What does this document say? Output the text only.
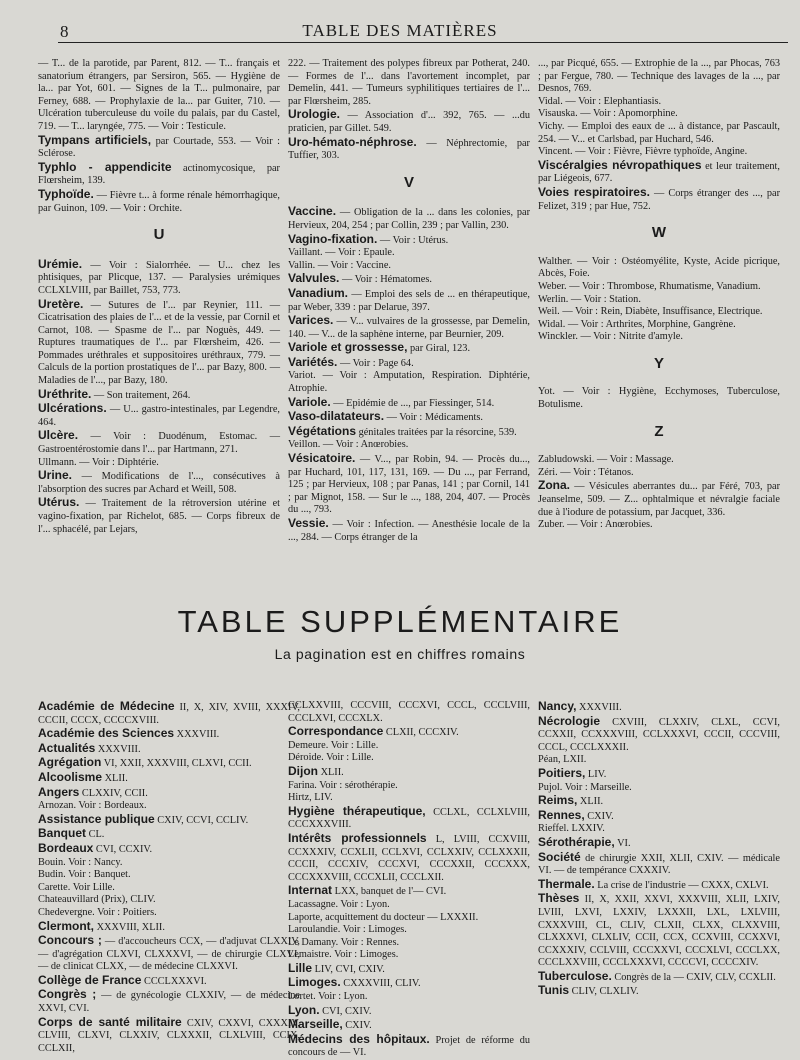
8	TABLE DES MATIÈRES

— T... de la parotide, par Parent, 812. — T... français et sanatorium étrangers, par Sersiron, 565. — Hygiène de la... par Yot, 601. — Signes de la T... pulmonaire, par Ferney, 688. — Prophylaxie de la... par Guiter, 710. — Ulcération tuberculeuse du voile du palais, par du Castel, 719. — T... laryngée, 775. — Voir : Testicule.

Tympans artificiels, par Courtade, 553. — Voir : Sclérose.

Typhlo - appendicite actinomycosique, par Flœrsheim, 139.

Typhoïde. — Fièvre t... à forme rénale hémorrhagique, par Guinon, 109. — Voir : Orchite.

U

Urémie. — Voir : Sialorrhée. — U... chez les phtisiques, par Plicque, 137. — Paralysies urémiques CCLXLVIII, par Baillet, 753, 773.

Uretère. — Sutures de l'... par Reynier, 111. — Cicatrisation des plaies de l'... et de la vessie, par Cornil et Carnot, 108. — Spasme de l'... par Noguès, 449. — Ruptures traumatiques de l'... par Flœrsheim, 426. — Pommades uréthrales et suppositoires uréthraux, 779. — Calculs de la portion prostatiques de l'... par Bazy, 800. — Maladies de l'..., par Bazy, 180.

Uréthrite. — Son traitement, 264.

Ulcérations. — U... gastro-intestinales, par Legendre, 464.

Ulcère. — Voir : Duodénum, Estomac. — Gastroentérostomie dans l'... par Hartmann, 271.

Ullmann. — Voir : Diphtérie.

Urine. — Modifications de l'..., consécutives à l'absorption des sucres par Achard et Weill, 508.

Utérus. — Traitement de la rétroversion utérine et vagino-fixation, par Richelot, 685. — Corps fibreux de l'... sphacélé, par Lejars,

222. — Traitement des polypes fibreux par Potherat, 240. — Formes de l'... dans l'avortement incomplet, par Demelin, 441. — Tumeurs syphilitiques tertiaires de l'... par Flœrsheim, 285.

Urologie. — Association d'... 392, 765. — ...du praticien, par Gillet. 549.

Uro-hémato-néphrose. — Néphrectomie, par Tuffier, 303.

V

Vaccine. — Obligation de la ... dans les colonies, par Hervieux, 204, 254 ; par Collin, 239 ; par Vallin, 230.

Vagino-fixation. — Voir : Utérus.

Vaillant. — Voir : Epaule.

Vallin. — Voir : Vaccine.

Valvules. — Voir : Hématomes.

Vanadium. — Emploi des sels de ... en thérapeutique, par Weber, 339 : par Delarue, 397.

Varices. — V... vulvaires de la grossesse, par Demelin, 140. — V... de la saphène interne, par Beurnier, 209.

Variole et grossesse, par Giral, 123.

Variétés. — Voir : Page 64.

Variot. — Voir : Amputation, Respiration. Diphtérie, Atrophie.

Variole. — Epidémie de ..., par Fiessinger, 514.

Vaso-dilatateurs. — Voir : Médicaments.

Végétations génitales traitées par la résorcine, 539.

Veillon. — Voir : Anœrobies.

Vésicatoire. — V..., par Robin, 94. — Procès du..., par Huchard, 101, 117, 131, 169. — Du ..., par Ferrand, 125 ; par Hervieux, 108 ; par Panas, 141 ; par Cornil, 141 ; par Mignot, 158. — Sur le ..., 188, 204, 407. — Procès du ..., 793.

Vessie. — Voir : Infection. — Anesthésie locale de la ..., 284. — Corps étranger de la

..., par Picqué, 655. — Extrophie de la ..., par Phocas, 763 ; par Fergue, 780. — Technique des lavages de la ..., par Desnos, 769.

Vidal. — Voir : Elephantiasis.

Visauska. — Voir : Apomorphine.

Vichy. — Emploi des eaux de ... à distance, par Pascault, 254. — V... et Carlsbad, par Huchard, 546.

Vincent. — Voir : Fièvre, Fièvre typhoïde, Angine.

Viscéralgies névropathiques et leur traitement, par Liégeois, 677.

Voies respiratoires. — Corps étranger des ..., par Felizet, 319 ; par Hue, 752.

W

Walther. — Voir : Ostéomyélite, Kyste, Acide picrique, Abcès, Foie.

Weber. — Voir : Thrombose, Rhumatisme, Vanadium.

Werlin. — Voir : Station.

Weil. — Voir : Rein, Diabète, Insuffisance, Electrique.

Widal. — Voir : Arthrites, Morphine, Gangrène.

Winckler. — Voir : Nitrite d'amyle.

Y

Yot. — Voir : Hygiène, Ecchymoses, Tuberculose, Botulisme.

Z

Zabludowski. — Voir : Massage.

Zéri. — Voir : Tétanos.

Zona. — Vésicules aberrantes du... par Féré, 703, par Jeanselme, 509. — Z... ophtalmique et névralgie faciale due à l'iodure de potassium, par Jacquet, 336.

Zuber. — Voir : Anœrobies.

TABLE SUPPLÉMENTAIRE
La pagination est en chiffres romains

Académie de Médecine II, X, XIV, XVIII, XXXIV, CCCII, CCCX, CCCCXVIII.

Académie des Sciences XXXVIII.

Actualités XXXVIII.

Agrégation VI, XXII, XXXVIII, CLXVI, CCII.

Alcoolisme XLII.

Angers CLXXIV, CCII.

Arnozan. Voir : Bordeaux.

Assistance publique CXIV, CCVI, CCLIV.

Banquet CL.

Bordeaux CVI, CCXIV.

Bouin. Voir : Nancy.

Budin. Voir : Banquet.

Carette. Voir Lille.

Chateauvillard (Prix), CLIV.

Chedevergne. Voir : Poitiers.

Clermont, XXXVIII, XLII.

Concours ; — d'accoucheurs CCX, — d'adjuvat CLXXIV, — d'agrégation CLXVI, CLXXXVI, — de chirurgie CLXVI, — de clinicat CLXX, — de médecine CLXXVI.

Collège de France CCCLXXXVI.

Congrès ; — de gynécologie CLXXIV, — de médecine XXVI, CVI.

Corps de santé militaire CXIV, CXXVI, CXXXIV, CLVIII, CLXVI, CLXXIV, CLXXXII, CLXLVIII, CCIX, CCLXII,

CCLXXVIII, CCCVIII, CCCXVI, CCCL, CCCLVIII, CCCLXVI, CCCXLX.

Correspondance CLXII, CCCXIV.

Demeure. Voir : Lille.

Déroide. Voir : Lille.

Dijon XLII.

Farina. Voir : sérothérapie.

Hirtz, LIV.

Hygiène thérapeutique, CCLXL, CCLXLVIII, CCCXXXVIII.

Intérêts professionnels L, LVIII, CCXVIII, CCXXXIV, CCXLII, CCLXVI, CCLXXIV, CCLXXXII, CCCII, CCCXIV, CCCXVI, CCCXXII, CCCXXX, CCCXXXVIII, CCCXLII, CCCLXII.

Internat LXX, banquet de l'— CVI.

Lacassagne. Voir : Lyon.

Laporte, acquittement du docteur — LXXXII.

Laroulandie. Voir : Limoges.

Le Damany. Voir : Rennes.

Lemaistre. Voir : Limoges.

Lille LIV, CVI, CXIV.

Limoges. CXXXVIII, CLIV.

Lortet. Voir : Lyon.

Lyon. CVI, CXIV.

Marseille, CXIV.

Médecins des hôpitaux. Projet de réforme du concours de — VI.

Nancy, XXXVIII.

Nécrologie CXVIII, CLXXIV, CLXL, CCVI, CCXXII, CCXXXVIII, CCLXXXVI, CCCII, CCCVIII, CCCL, CCCLXXXII.

Péan, LXII.

Poitiers, LIV.

Pujol. Voir : Marseille.

Reims, XLII.

Rennes, CXIV.

Rieffel. LXXIV.

Sérothérapie, VI.

Société de chirurgie XXII, XLII, CXIV. — médicale VI. — de tempérance CXXXIV.

Thermale. La crise de l'industrie — CXXX, CXLVI.

Thèses II, X, XXII, XXVI, XXXVIII, XLII, LXIV, LVIII, LXVI, LXXIV, LXXXII, LXL, LXLVIII, CXXXVIII, CL, CLIV, CLXII, CLXX, CLXXVIII, CLXXXVI, CLXLIV, CCII, CCX, CCXVIII, CCXXVI, CCXXXIV, CCLVIII, CCCXXVI, CCCXLVI, CCCLXX, CCCLXXVIII, CCCLXXXVI, CCCCVI, CCCCXIV.

Tuberculose. Congrès de la — CXIV, CLV, CCXLII.

Tunis CLIV, CLXLIV.
